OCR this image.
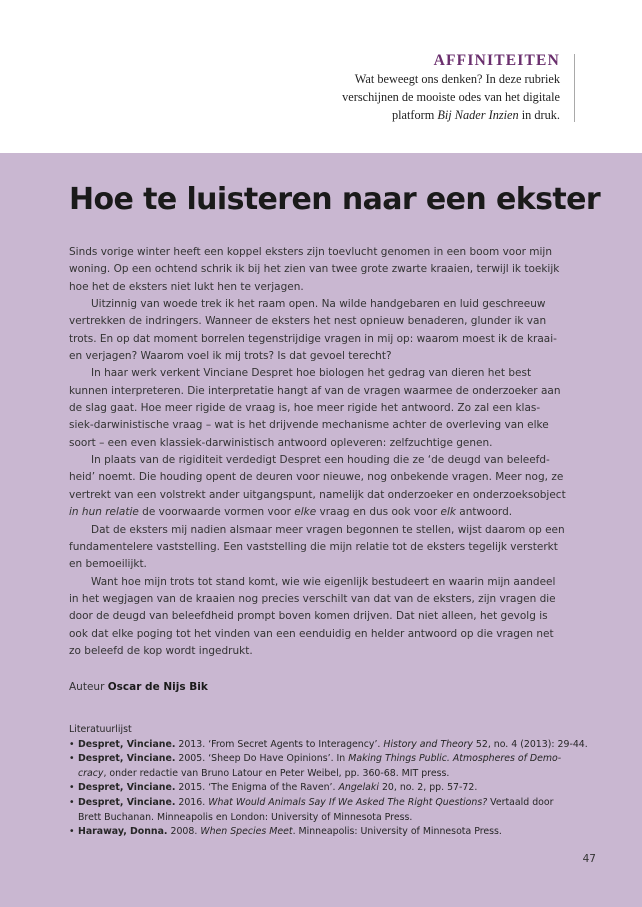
AFFINITEITEN
Wat beweegt ons denken? In deze rubriek
verschijnen de mooiste odes van het digitale
platform Bij Nader Inzien in druk.
Hoe te luisteren naar een ekster
Sinds vorige winter heeft een koppel eksters zijn toevlucht genomen in een boom voor mijn
woning. Op een ochtend schrik ik bij het zien van twee grote zwarte kraaien, terwijl ik toekijk
hoe het de eksters niet lukt hen te verjagen.
Uitzinnig van woede trek ik het raam open. Na wilde handgebaren en luid geschreeuw
vertrekken de indringers. Wanneer de eksters het nest opnieuw benaderen, glunder ik van
trots. En op dat moment borrelen tegenstrijdige vragen in mij op: waarom moest ik de kraai-
en verjagen? Waarom voel ik mij trots? Is dat gevoel terecht?
In haar werk verkent Vinciane Despret hoe biologen het gedrag van dieren het best
kunnen interpreteren. Die interpretatie hangt af van de vragen waarmee de onderzoeker aan
de slag gaat. Hoe meer rigide de vraag is, hoe meer rigide het antwoord. Zo zal een klas-
siek-darwinistische vraag – wat is het drijvende mechanisme achter de overleving van elke
soort – een even klassiek-darwinistisch antwoord opleveren: zelfzuchtige genen.
In plaats van de rigiditeit verdedigt Despret een houding die ze ‘de deugd van beleefd-
heid’ noemt. Die houding opent de deuren voor nieuwe, nog onbekende vragen. Meer nog, ze
vertrekt van een volstrekt ander uitgangspunt, namelijk dat onderzoeker en onderzoeksobject
in hun relatie de voorwaarde vormen voor elke vraag en dus ook voor elk antwoord.
Dat de eksters mij nadien alsmaar meer vragen begonnen te stellen, wijst daarom op een
fundamentelere vaststelling. Een vaststelling die mijn relatie tot de eksters tegelijk versterkt
en bemoeilijkt.
Want hoe mijn trots tot stand komt, wie wie eigenlijk bestudeert en waarin mijn aandeel
in het wegjagen van de kraaien nog precies verschilt van dat van de eksters, zijn vragen die
door de deugd van beleefdheid prompt boven komen drijven. Dat niet alleen, het gevolg is
ook dat elke poging tot het vinden van een eenduidig en helder antwoord op die vragen net
zo beleefd de kop wordt ingedrukt.
Auteur Oscar de Nijs Bik
Literatuurlijst
• Despret, Vinciane. 2013. ‘From Secret Agents to Interagency’. History and Theory 52, no. 4 (2013): 29-44.
• Despret, Vinciane. 2005. ‘Sheep Do Have Opinions’. In Making Things Public. Atmospheres of Demo-
cracy, onder redactie van Bruno Latour en Peter Weibel, pp. 360-68. MIT press.
• Despret, Vinciane. 2015. ‘The Enigma of the Raven’. Angelaki 20, no. 2, pp. 57-72.
• Despret, Vinciane. 2016. What Would Animals Say If We Asked The Right Questions? Vertaald door
Brett Buchanan. Minneapolis en London: University of Minnesota Press.
• Haraway, Donna. 2008. When Species Meet. Minneapolis: University of Minnesota Press.
47
